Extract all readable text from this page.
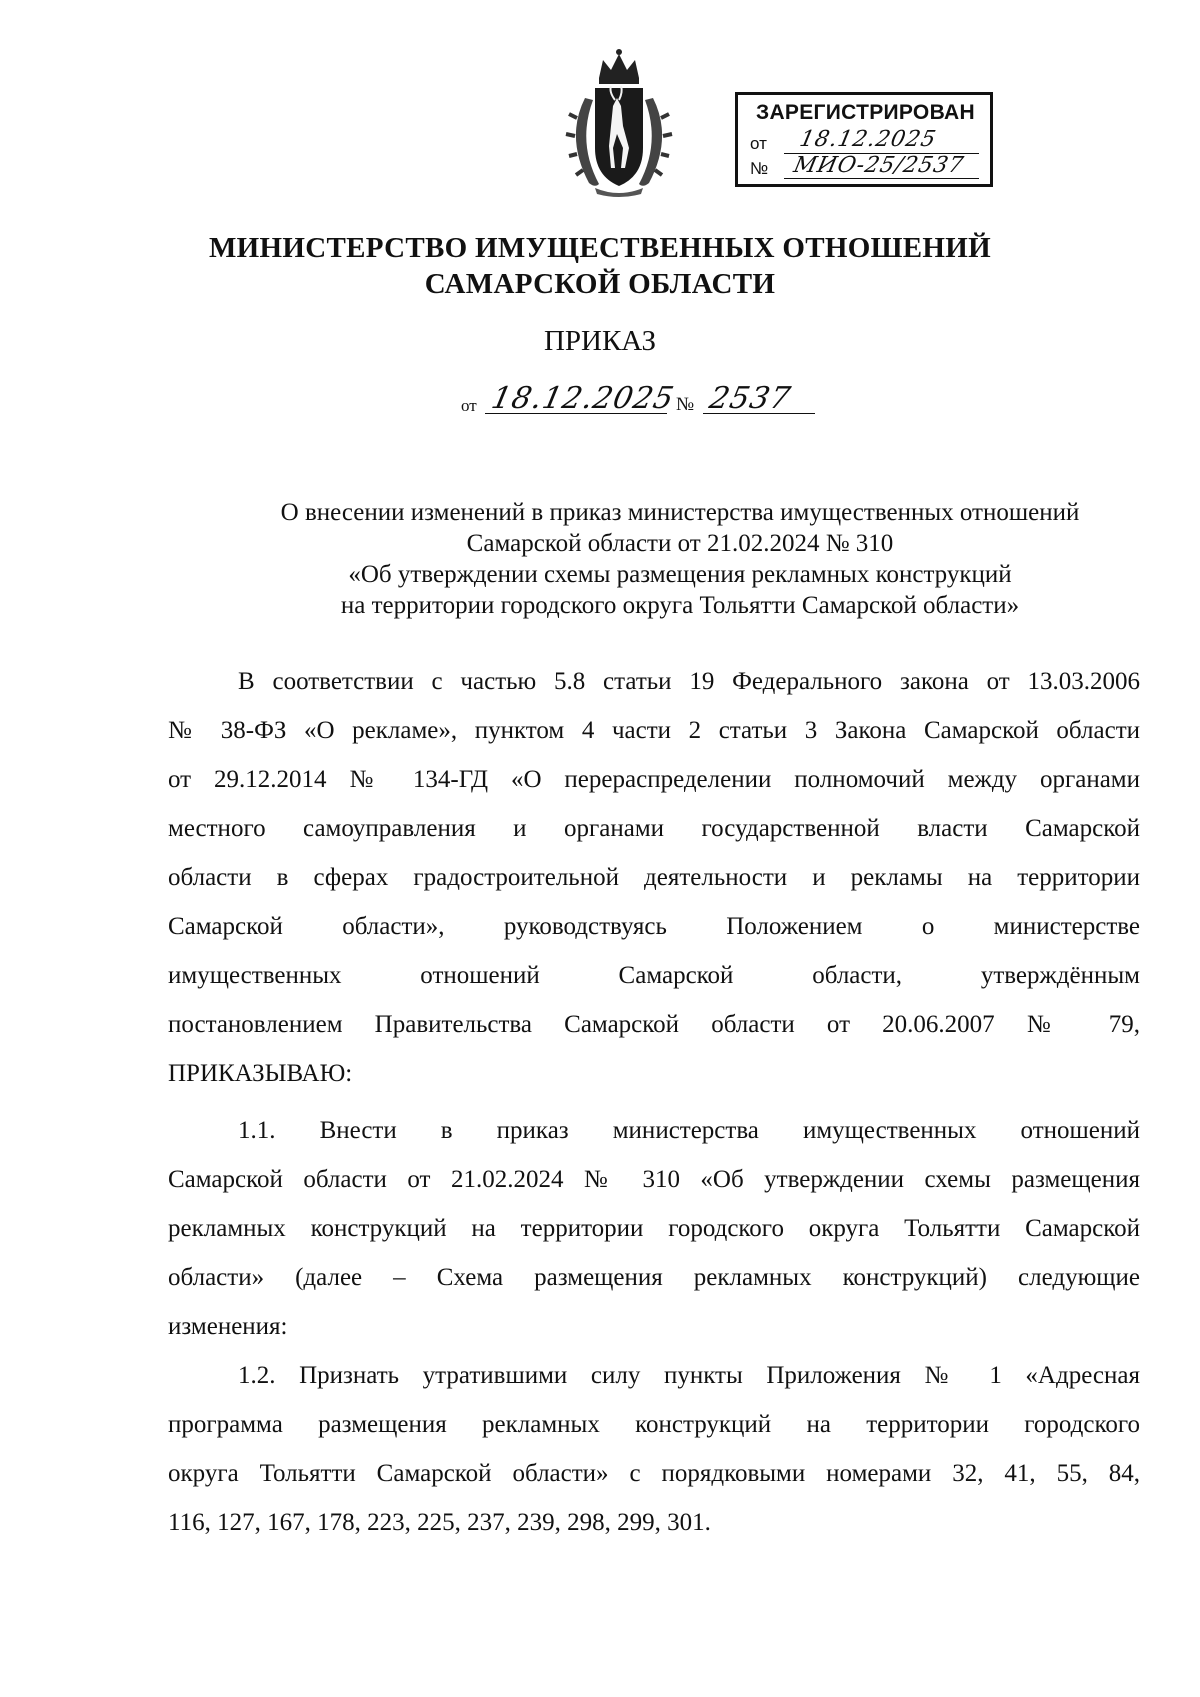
ЗАРЕГИСТРИРОВАН
от 18.12.2025
№ МИО-25/2537
МИНИСТЕРСТВО ИМУЩЕСТВЕННЫХ ОТНОШЕНИЙ
САМАРСКОЙ ОБЛАСТИ
ПРИКАЗ
от 18.12.2025
№ 2537
О внесении изменений в приказ министерства имущественных отношений
Самарской области от 21.02.2024 № 310
«Об утверждении схемы размещения рекламных конструкций
на территории городского округа Тольятти Самарской области»
В соответствии с частью 5.8 статьи 19 Федерального закона от 13.03.2006
№ 38-ФЗ «О рекламе», пунктом 4 части 2 статьи 3 Закона Самарской области
от 29.12.2014 № 134-ГД «О перераспределении полномочий между органами
местного самоуправления и органами государственной власти Самарской
области в сферах градостроительной деятельности и рекламы на территории
Самарской области», руководствуясь Положением о министерстве
имущественных отношений Самарской области, утверждённым
постановлением Правительства Самарской области от 20.06.2007 № 79,
ПРИКАЗЫВАЮ:
1.1. Внести в приказ министерства имущественных отношений
Самарской области от 21.02.2024 № 310 «Об утверждении схемы размещения
рекламных конструкций на территории городского округа Тольятти Самарской
области» (далее – Схема размещения рекламных конструкций) следующие
изменения:
1.2. Признать утратившими силу пункты Приложения № 1 «Адресная
программа размещения рекламных конструкций на территории городского
округа Тольятти Самарской области» с порядковыми номерами 32, 41, 55, 84,
116, 127, 167, 178, 223, 225, 237, 239, 298, 299, 301.
